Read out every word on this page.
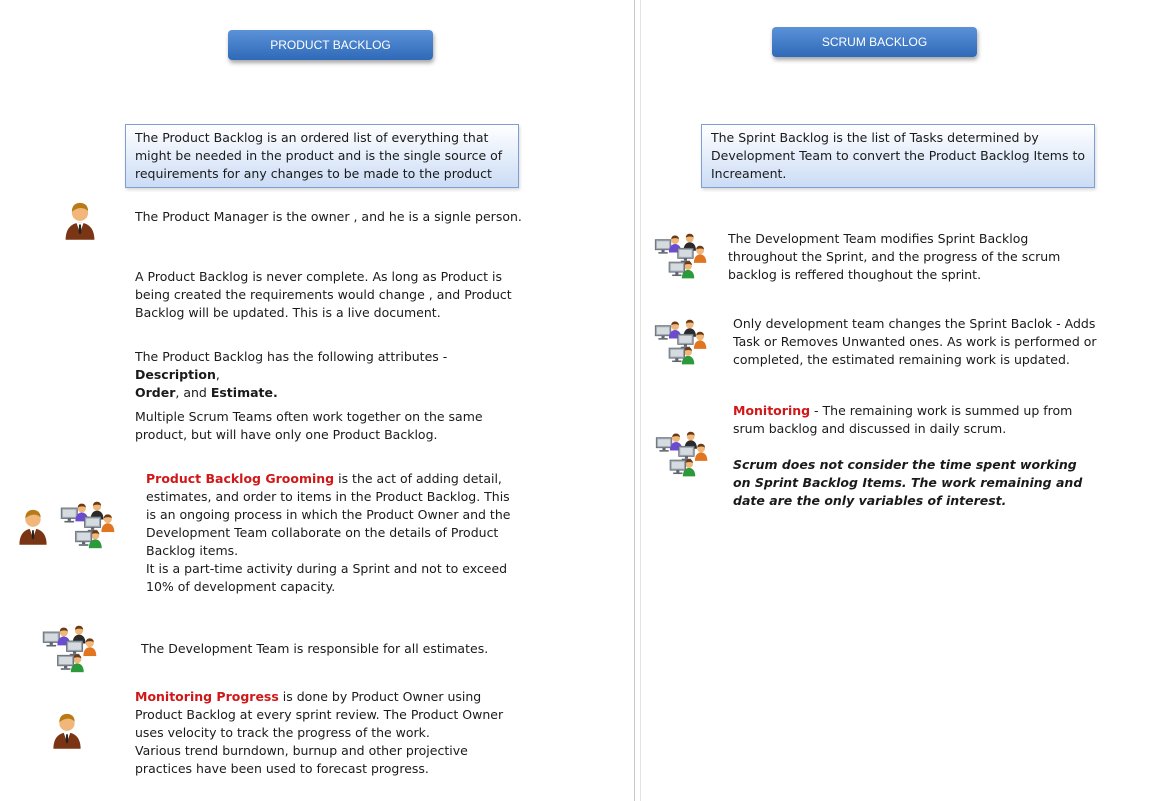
PRODUCT BACKLOG
The Product Backlog is an ordered list of everything that might be needed in the product and is the single source of requirements for any changes to be made to the product
The Product Manager is the owner , and he is a signle person.
A Product Backlog is never complete. As long as Product is being created the requirements would change , and Product Backlog will be updated. This is a live document.
The Product Backlog has the following attributes - Description,
Order, and Estimate.
Multiple Scrum Teams often work together on the same product, but will have only one Product Backlog.
Product Backlog Grooming is the act of adding detail, estimates, and order to items in the Product Backlog. This is an ongoing process in which the Product Owner and the Development Team collaborate on the details of Product Backlog items.
It is a part-time activity during a Sprint and not to exceed 10% of development capacity.
The Development Team is responsible for all estimates.
Monitoring Progress is done by Product Owner using Product Backlog at every sprint review. The Product Owner uses velocity to track the progress of the work.
Various trend burndown, burnup and other projective practices have been used to forecast progress.
SCRUM BACKLOG
The Sprint Backlog is the list of Tasks determined by Development Team to convert the Product Backlog Items to Increament.
The Development Team modifies Sprint Backlog throughout the Sprint, and the progress of the scrum backlog is reffered thoughout the sprint.
Only development team changes the Sprint Baclok - Adds Task or Removes Unwanted ones. As work is performed or completed, the estimated remaining work is updated.
Monitoring - The remaining work is summed up from srum backlog and discussed in daily scrum.
Scrum does not consider the time spent working on Sprint Backlog Items. The work remaining and date are the only variables of interest.
